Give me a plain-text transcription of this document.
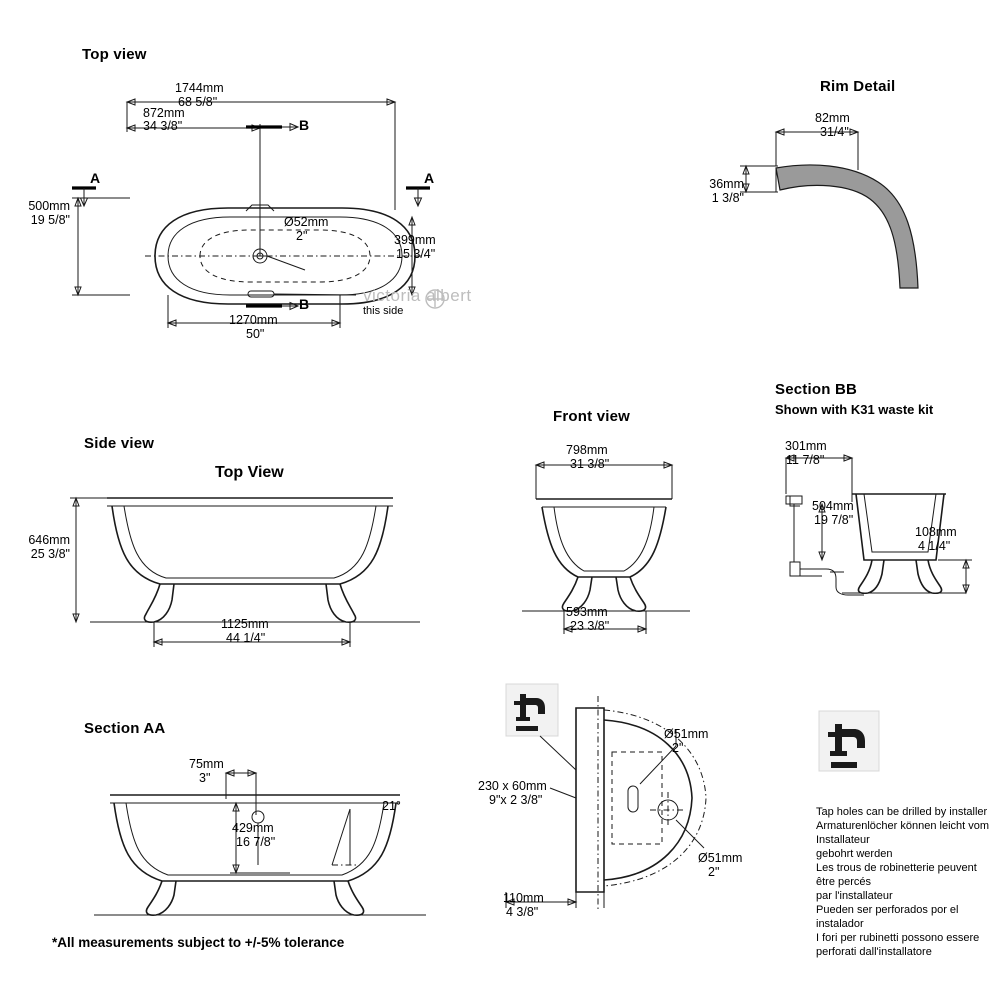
Top view
1744mm
68 5/8"
872mm
34 3/8"
500mm
19 5/8"
399mm
15 3/4"
1270mm
50"
Ø52mm
2"
A	A
B
B	this side
victoria albert
Rim Detail
82mm
31/4"
36mm
1 3/8"
Side view
Top View
646mm
25 3/8"
1125mm
44 1/4"
Front view
798mm
31 3/8"
593mm
23 3/8"
Section BB
Shown with K31 waste kit
301mm
11 7/8"
504mm
19 7/8"
108mm
4 1/4"
Section AA
75mm
3"
429mm
16 7/8"
21°
Ø51mm
2"
Ø51mm
2"
230 x 60mm
9"x 2 3/8"
110mm
4 3/8"
Tap holes can be drilled by installer
Armaturenlöcher können leicht vom Installateur
gebohrt werden
Les trous de robinetterie peuvent être percés
par l'installateur
Pueden ser perforados por el instalador
I fori per rubinetti possono essere
perforati dall'installatore
*All measurements subject to +/-5% tolerance
